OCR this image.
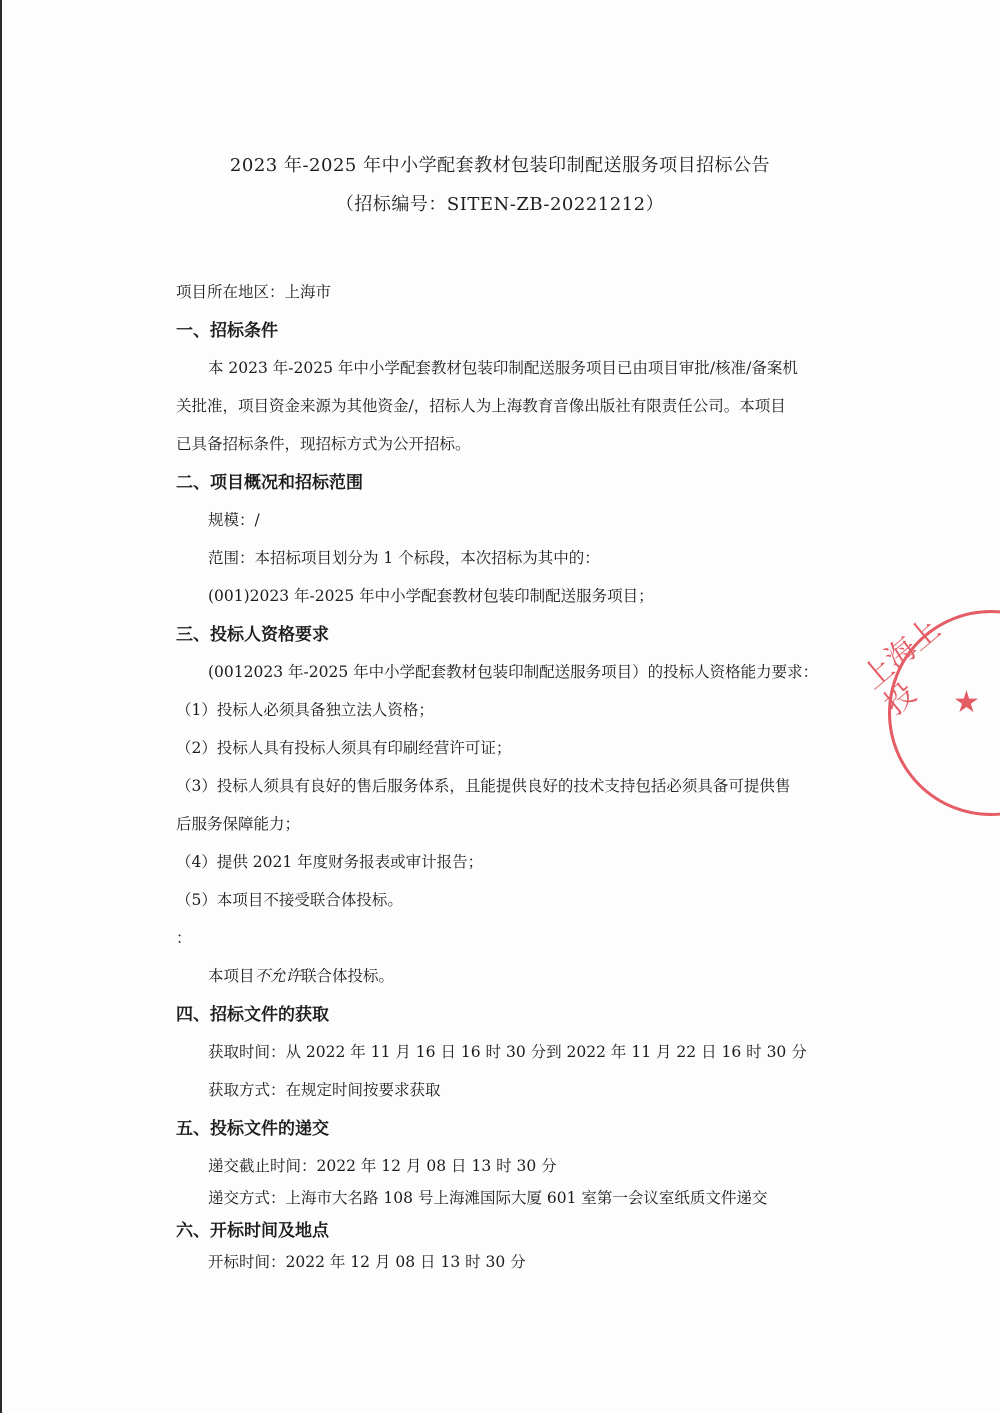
2023 年-2025 年中小学配套教材包装印制配送服务项目招标公告
（招标编号：SITEN-ZB-20221212）
项目所在地区：上海市
一、招标条件
本 2023 年-2025 年中小学配套教材包装印制配送服务项目已由项目审批/核准/备案机
关批准，项目资金来源为其他资金/，招标人为上海教育音像出版社有限责任公司。本项目
已具备招标条件，现招标方式为公开招标。
二、项目概况和招标范围
规模：/
范围：本招标项目划分为 1 个标段，本次招标为其中的：
(001)2023 年-2025 年中小学配套教材包装印制配送服务项目；
三、投标人资格要求
(0012023 年-2025 年中小学配套教材包装印制配送服务项目）的投标人资格能力要求：
（1）投标人必须具备独立法人资格；
（2）投标人具有投标人须具有印刷经营许可证；
（3）投标人须具有良好的售后服务体系，且能提供良好的技术支持包括必须具备可提供售
后服务保障能力；
（4）提供 2021 年度财务报表或审计报告；
（5）本项目不接受联合体投标。
：
本项目不允许联合体投标。
四、招标文件的获取
获取时间：从 2022 年 11 月 16 日 16 时 30 分到 2022 年 11 月 22 日 16 时 30 分
获取方式：在规定时间按要求获取
五、投标文件的递交
递交截止时间：2022 年 12 月 08 日 13 时 30 分
递交方式：上海市大名路 108 号上海滩国际大厦 601 室第一会议室纸质文件递交
六、开标时间及地点
开标时间：2022 年 12 月 08 日 13 时 30 分
上海上投 ★
